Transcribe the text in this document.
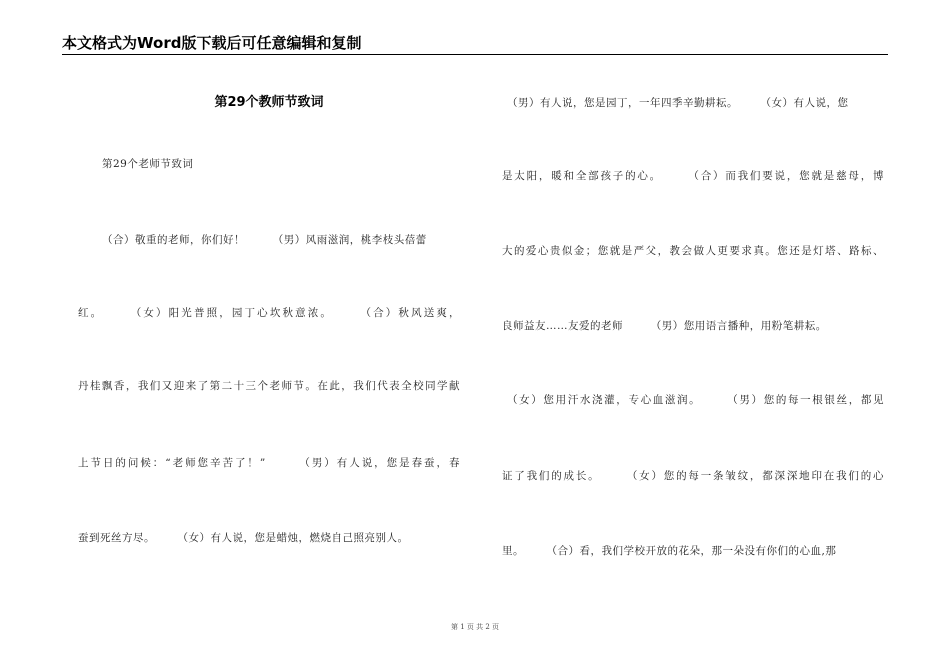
本文格式为Word版下载后可任意编辑和复制
第29个教师节致词
第29个老师节致词
（合）敬重的老师，你们好！　　　（男）风雨滋润，桃李枝头蓓蕾
红。　　　（女）阳光普照，园丁心坎秋意浓。　　　（合）秋风送爽，
丹桂飘香，我们又迎来了第二十三个老师节。在此，我们代表全校同学献
上节日的问候：“老师您辛苦了！”　　　（男）有人说，您是春蚕，春
蚕到死丝方尽。　　　（女）有人说，您是蜡烛，燃烧自己照亮别人。
（男）有人说，您是园丁，一年四季辛勤耕耘。　　　（女）有人说，您
是太阳，暖和全部孩子的心。　　　（合）而我们要说，您就是慈母，博
大的爱心贵似金；您就是严父，教会做人更要求真。您还是灯塔、路标、
良师益友……友爱的老师　　　（男）您用语言播种，用粉笔耕耘。
（女）您用汗水浇灌，专心血滋润。　　　（男）您的每一根银丝，都见
证了我们的成长。　　　（女）您的每一条皱纹，都深深地印在我们的心
里。　　　（合）看，我们学校开放的花朵，那一朵没有你们的心血,那
第 1 页 共 2 页
